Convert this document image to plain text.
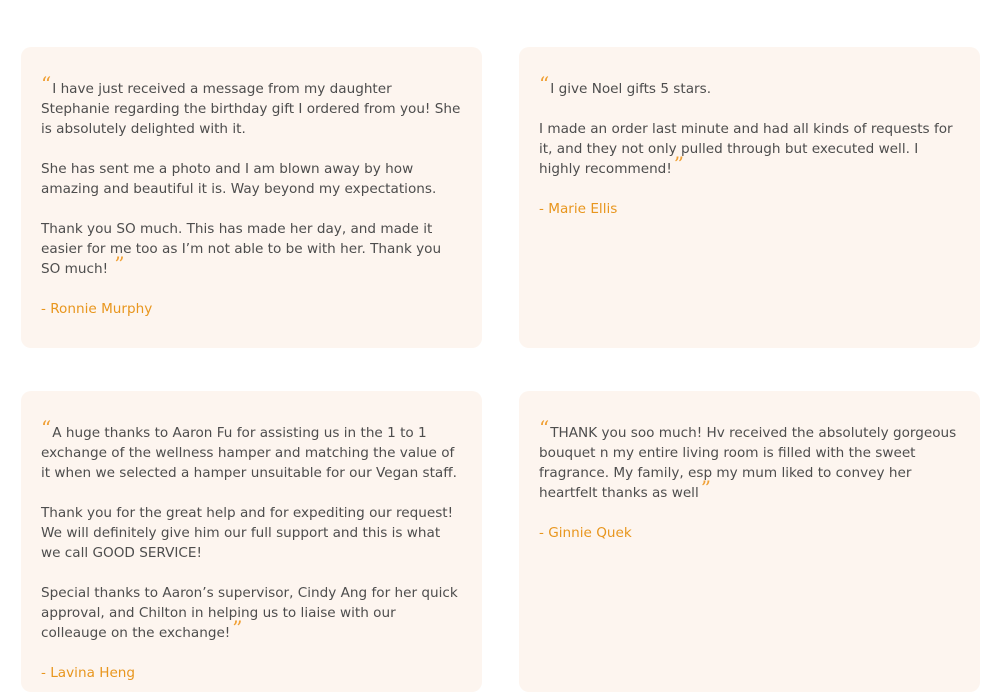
“I have just received a message from my daughter Stephanie regarding the birthday gift I ordered from you! She is absolutely delighted with it.

She has sent me a photo and I am blown away by how amazing and beautiful it is. Way beyond my expectations.

Thank you SO much. This has made her day, and made it easier for me too as I’m not able to be with her. Thank you SO much! ”

- Ronnie Murphy

“I give Noel gifts 5 stars.

I made an order last minute and had all kinds of requests for it, and they not only pulled through but executed well. I highly recommend! ”

- Marie Ellis

“A huge thanks to Aaron Fu for assisting us in the 1 to 1 exchange of the wellness hamper and matching the value of it when we selected a hamper unsuitable for our Vegan staff.

Thank you for the great help and for expediting our request! We will definitely give him our full support and this is what we call GOOD SERVICE!

Special thanks to Aaron’s supervisor, Cindy Ang for her quick approval, and Chilton in helping us to liaise with our colleauge on the exchange! ”

- Lavina Heng

“THANK you soo much! Hv received the absolutely gorgeous bouquet n my entire living room is filled with the sweet fragrance. My family, esp my mum liked to convey her heartfelt thanks as well ”

- Ginnie Quek
